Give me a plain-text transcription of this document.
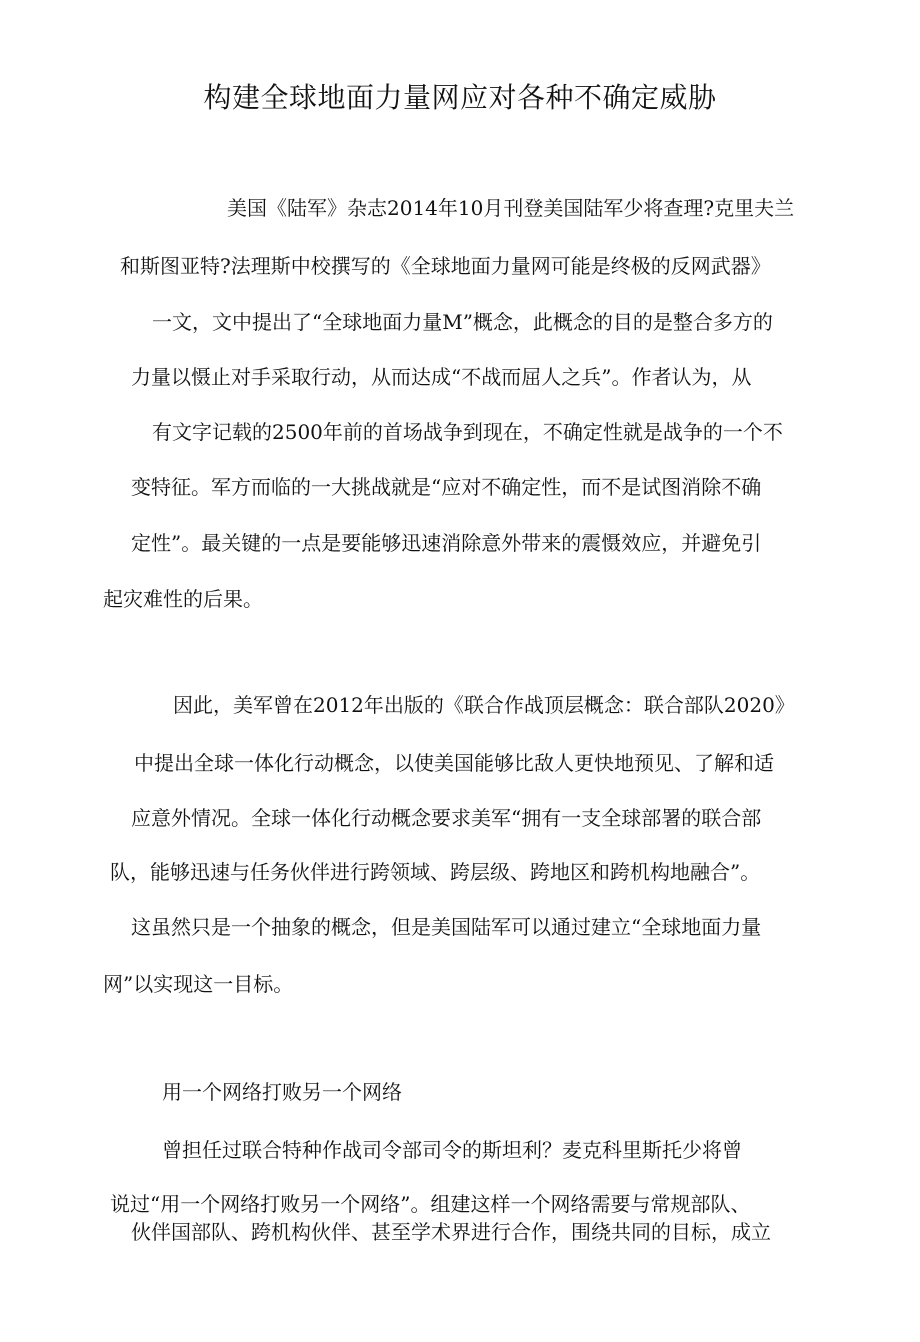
构建全球地面力量网应对各种不确定威胁
美国《陆军》杂志2014年10月刊登美国陆军少将查理?克里夫兰
和斯图亚特?法理斯中校撰写的《全球地面力量网可能是终极的反网武器》
一文，文中提出了“全球地面力量M”概念，此概念的目的是整合多方的
力量以慑止对手采取行动，从而达成“不战而屈人之兵”。作者认为，从
有文字记载的2500年前的首场战争到现在，不确定性就是战争的一个不
变特征。军方而临的一大挑战就是“应对不确定性，而不是试图消除不确
定性”。最关键的一点是要能够迅速消除意外带来的震慑效应，并避免引
起灾难性的后果。
因此，美军曾在2012年出版的《联合作战顶层概念：联合部队2020》
中提出全球一体化行动概念，以使美国能够比敌人更快地预见、了解和适
应意外情况。全球一体化行动概念要求美军“拥有一支全球部署的联合部
队，能够迅速与任务伙伴进行跨领域、跨层级、跨地区和跨机构地融合”。
这虽然只是一个抽象的概念，但是美国陆军可以通过建立“全球地面力量
网”以实现这一目标。
用一个网络打败另一个网络
曾担任过联合特种作战司令部司令的斯坦利？麦克科里斯托少将曾
说过“用一个网络打败另一个网络”。组建这样一个网络需要与常规部队、
伙伴国部队、跨机构伙伴、甚至学术界进行合作，围绕共同的目标，成立
